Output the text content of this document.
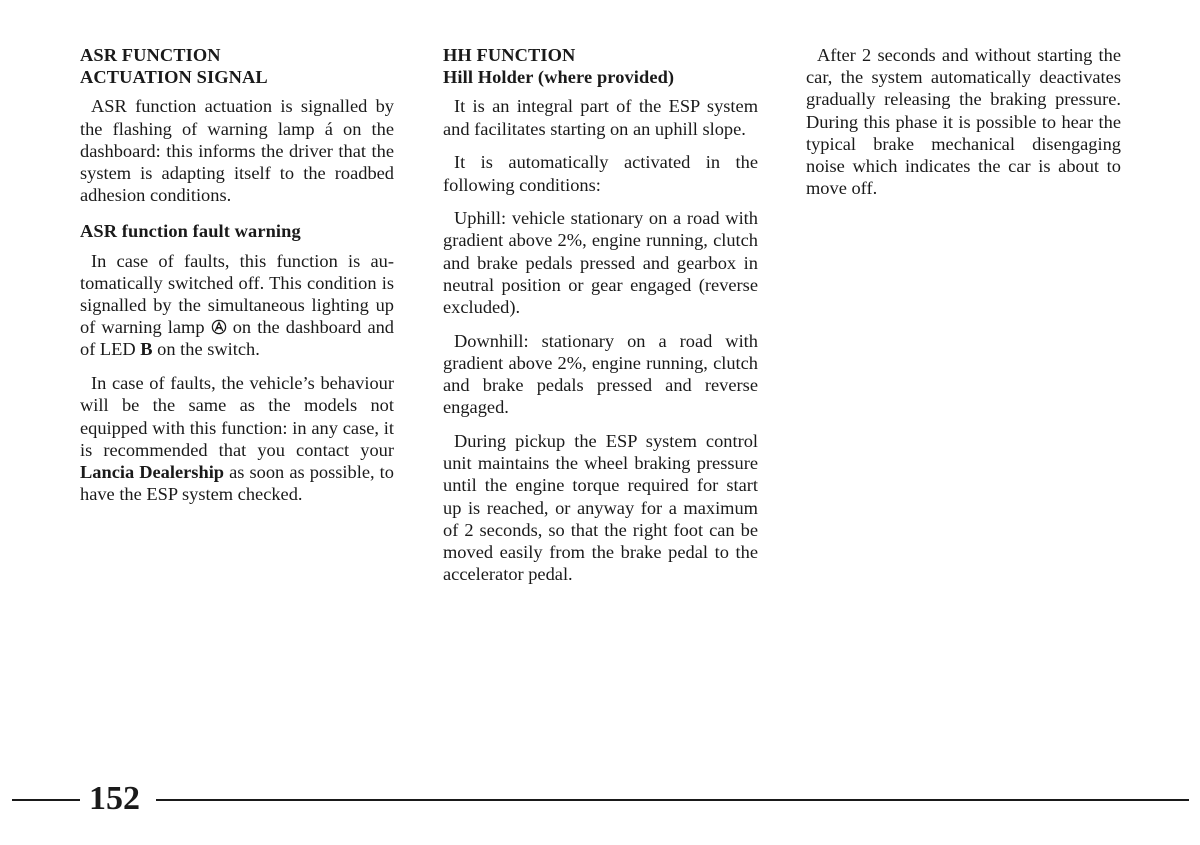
ASR FUNCTION
ACTUATION SIGNAL

ASR function actuation is signalled by the flashing of warning lamp á on the dashboard: this informs the driver that the system is adapting itself to the roadbed adhesion conditions.

ASR function fault warning

In case of faults, this function is automatically switched off. This condition is signalled by the simultaneous lighting up of warning lamp  on the dashboard and of LED B on the switch.

In case of faults, the vehicle’s behaviour will be the same as the models not equipped with this function: in any case, it is recommended that you contact your Lancia Dealership as soon as possible, to have the ESP system checked.

HH FUNCTION
Hill Holder (where provided)

It is an integral part of the ESP system and facilitates starting on an uphill slope.

It is automatically activated in the following conditions:

Uphill: vehicle stationary on a road with gradient above 2%, engine running, clutch and brake pedals pressed and gearbox in neutral position or gear engaged (reverse excluded).

Downhill: stationary on a road with gradient above 2%, engine running, clutch and brake pedals pressed and reverse engaged.

During pickup the ESP system control unit maintains the wheel braking pressure until the engine torque required for start up is reached, or anyway for a maximum of 2 seconds, so that the right foot can be moved easily from the brake pedal to the accelerator pedal.

After 2 seconds and without starting the car, the system automatically deactivates gradually releasing the braking pressure. During this phase it is possible to hear the typical brake mechanical disengaging noise which indicates the car is about to move off.

152
